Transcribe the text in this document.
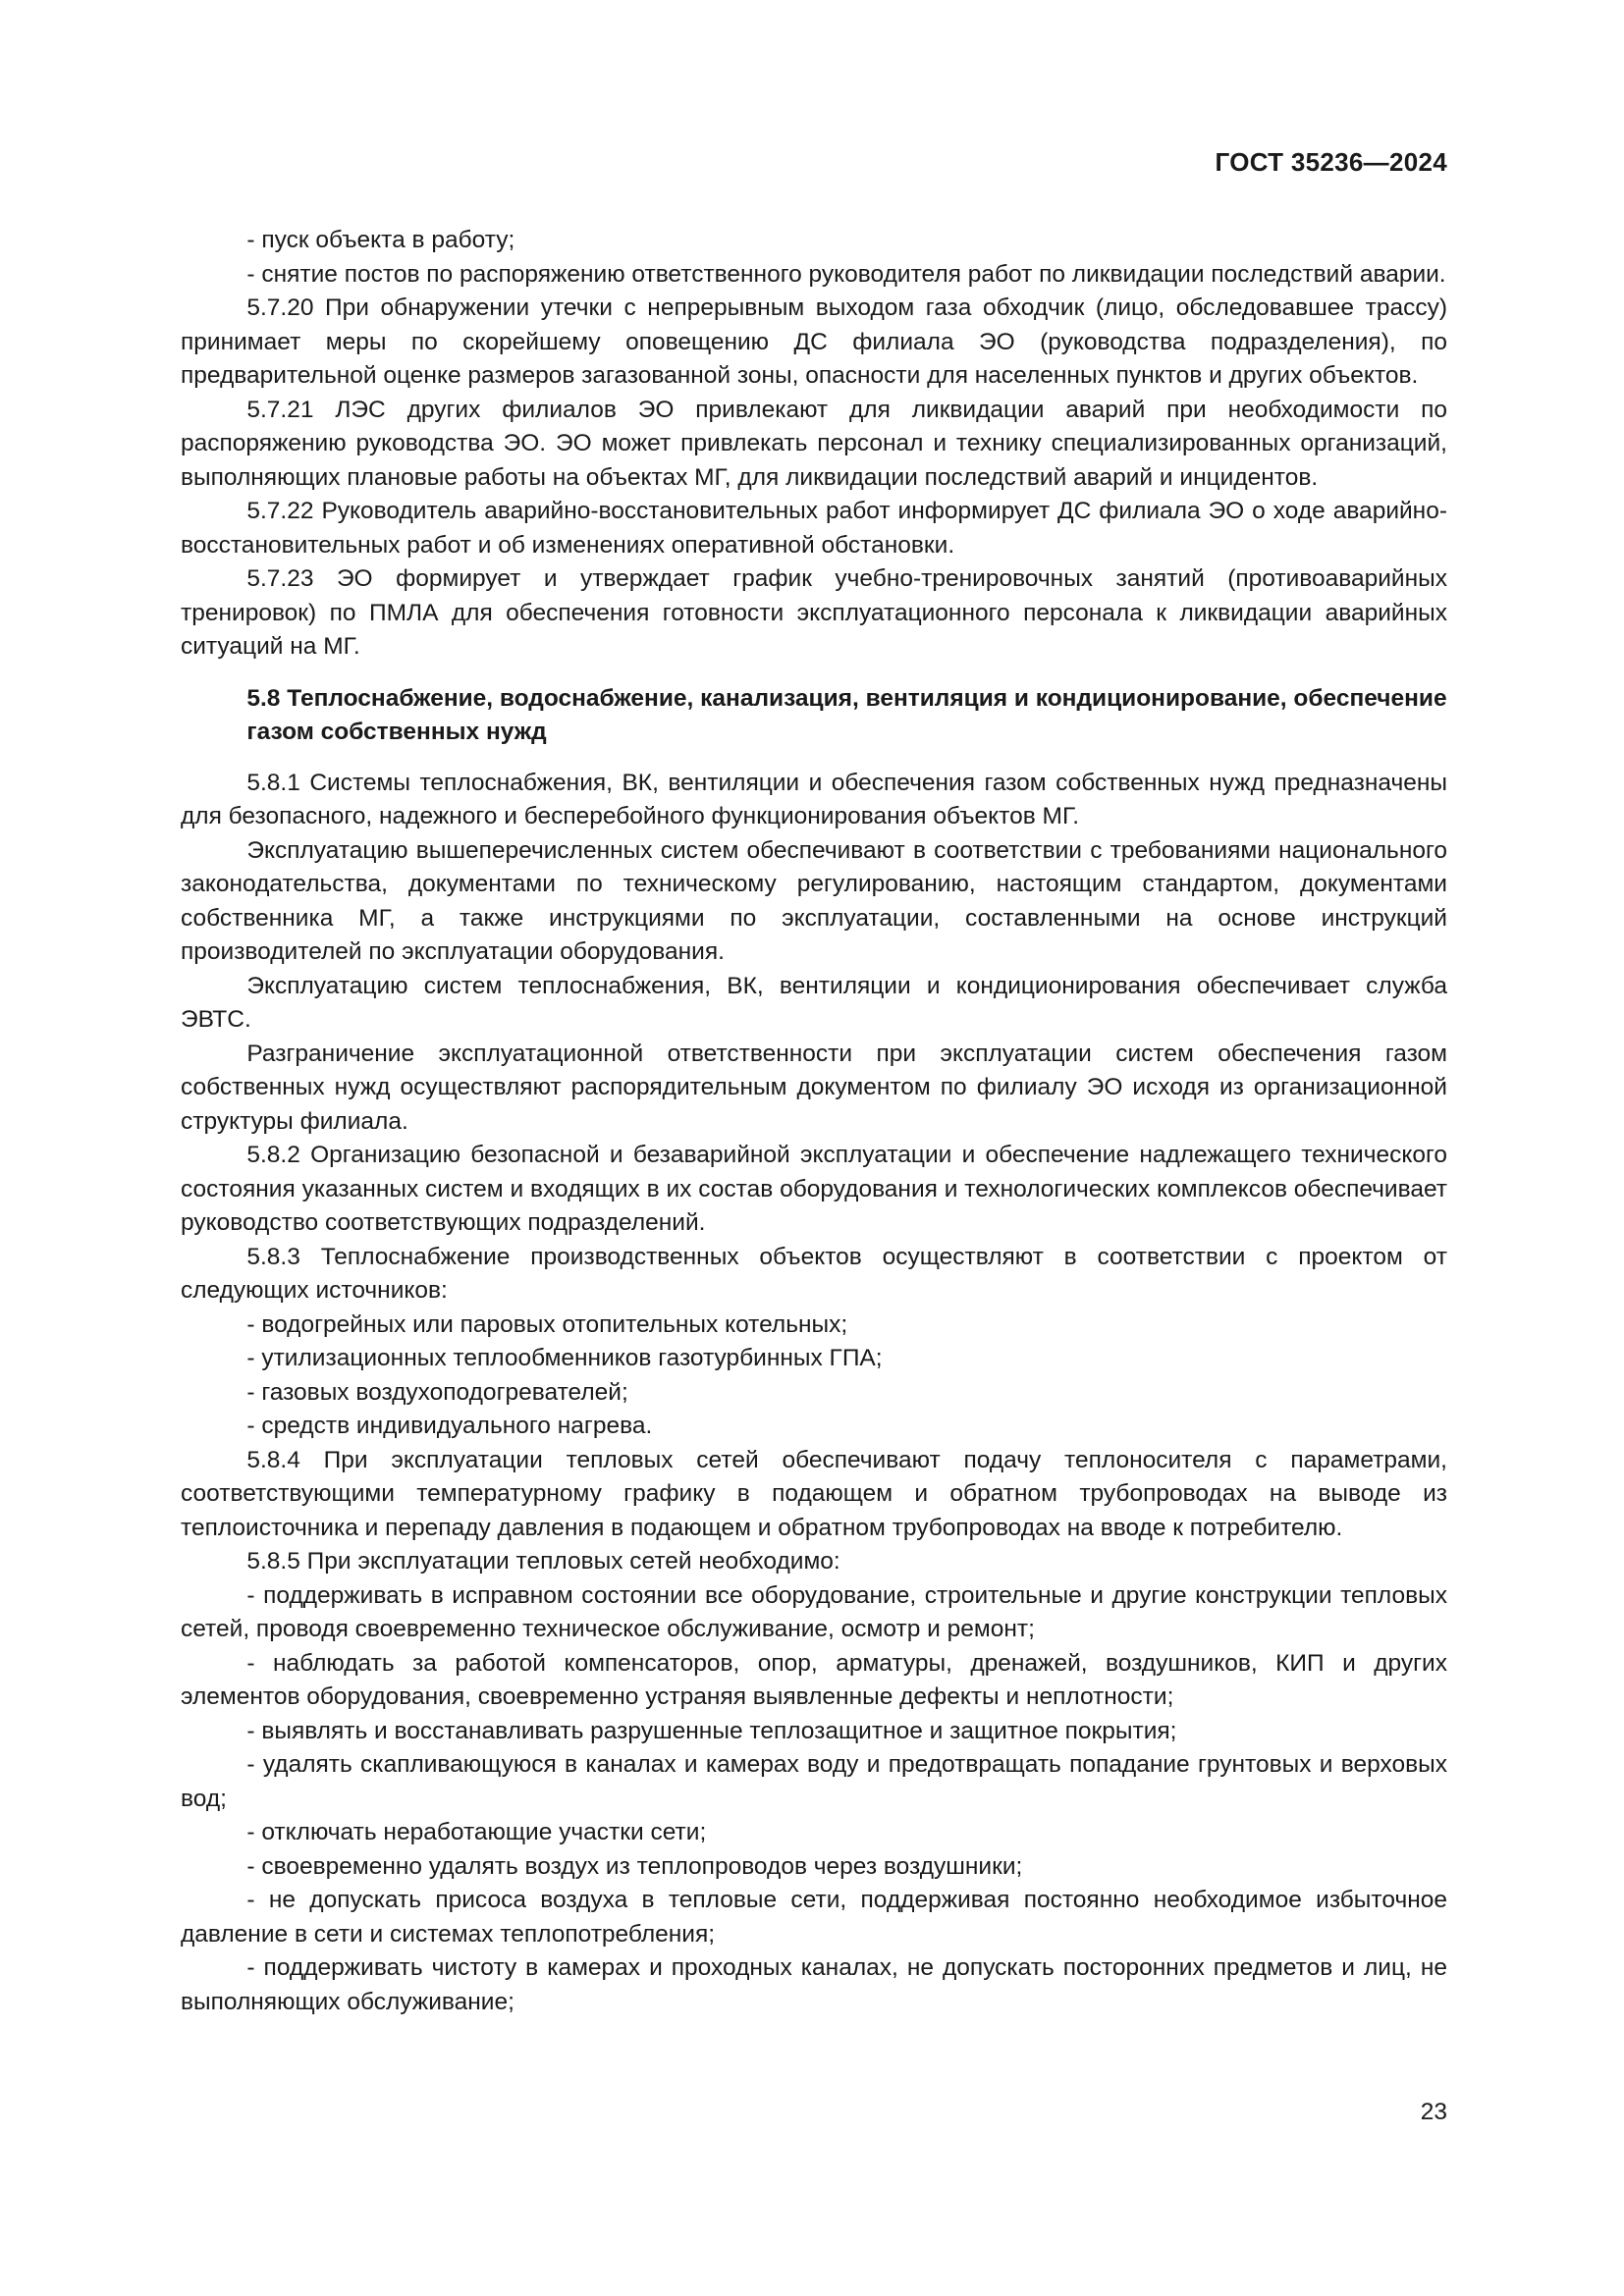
ГОСТ 35236—2024

- пуск объекта в работу;

- снятие постов по распоряжению ответственного руководителя работ по ликвидации последствий аварии.

5.7.20 При обнаружении утечки с непрерывным выходом газа обходчик (лицо, обследовавшее трассу) принимает меры по скорейшему оповещению ДС филиала ЭО (руководства подразделения), по предварительной оценке размеров загазованной зоны, опасности для населенных пунктов и других объектов.

5.7.21 ЛЭС других филиалов ЭО привлекают для ликвидации аварий при необходимости по распоряжению руководства ЭО. ЭО может привлекать персонал и технику специализированных организаций, выполняющих плановые работы на объектах МГ, для ликвидации последствий аварий и инцидентов.

5.7.22 Руководитель аварийно-восстановительных работ информирует ДС филиала ЭО о ходе аварийно-восстановительных работ и об изменениях оперативной обстановки.

5.7.23 ЭО формирует и утверждает график учебно-тренировочных занятий (противоаварийных тренировок) по ПМЛА для обеспечения готовности эксплуатационного персонала к ликвидации аварийных ситуаций на МГ.

5.8 Теплоснабжение, водоснабжение, канализация, вентиляция и кондиционирование, обеспечение газом собственных нужд

5.8.1 Системы теплоснабжения, ВК, вентиляции и обеспечения газом собственных нужд предназначены для безопасного, надежного и бесперебойного функционирования объектов МГ.

Эксплуатацию вышеперечисленных систем обеспечивают в соответствии с требованиями национального законодательства, документами по техническому регулированию, настоящим стандартом, документами собственника МГ, а также инструкциями по эксплуатации, составленными на основе инструкций производителей по эксплуатации оборудования.

Эксплуатацию систем теплоснабжения, ВК, вентиляции и кондиционирования обеспечивает служба ЭВТС.

Разграничение эксплуатационной ответственности при эксплуатации систем обеспечения газом собственных нужд осуществляют распорядительным документом по филиалу ЭО исходя из организационной структуры филиала.

5.8.2 Организацию безопасной и безаварийной эксплуатации и обеспечение надлежащего технического состояния указанных систем и входящих в их состав оборудования и технологических комплексов обеспечивает руководство соответствующих подразделений.

5.8.3 Теплоснабжение производственных объектов осуществляют в соответствии с проектом от следующих источников:

- водогрейных или паровых отопительных котельных;

- утилизационных теплообменников газотурбинных ГПА;

- газовых воздухоподогревателей;

- средств индивидуального нагрева.

5.8.4 При эксплуатации тепловых сетей обеспечивают подачу теплоносителя с параметрами, соответствующими температурному графику в подающем и обратном трубопроводах на выводе из теплоисточника и перепаду давления в подающем и обратном трубопроводах на вводе к потребителю.

5.8.5 При эксплуатации тепловых сетей необходимо:

- поддерживать в исправном состоянии все оборудование, строительные и другие конструкции тепловых сетей, проводя своевременно техническое обслуживание, осмотр и ремонт;

- наблюдать за работой компенсаторов, опор, арматуры, дренажей, воздушников, КИП и других элементов оборудования, своевременно устраняя выявленные дефекты и неплотности;

- выявлять и восстанавливать разрушенные теплозащитное и защитное покрытия;

- удалять скапливающуюся в каналах и камерах воду и предотвращать попадание грунтовых и верховых вод;

- отключать неработающие участки сети;

- своевременно удалять воздух из теплопроводов через воздушники;

- не допускать присоса воздуха в тепловые сети, поддерживая постоянно необходимое избыточное давление в сети и системах теплопотребления;

- поддерживать чистоту в камерах и проходных каналах, не допускать посторонних предметов и лиц, не выполняющих обслуживание;

23
